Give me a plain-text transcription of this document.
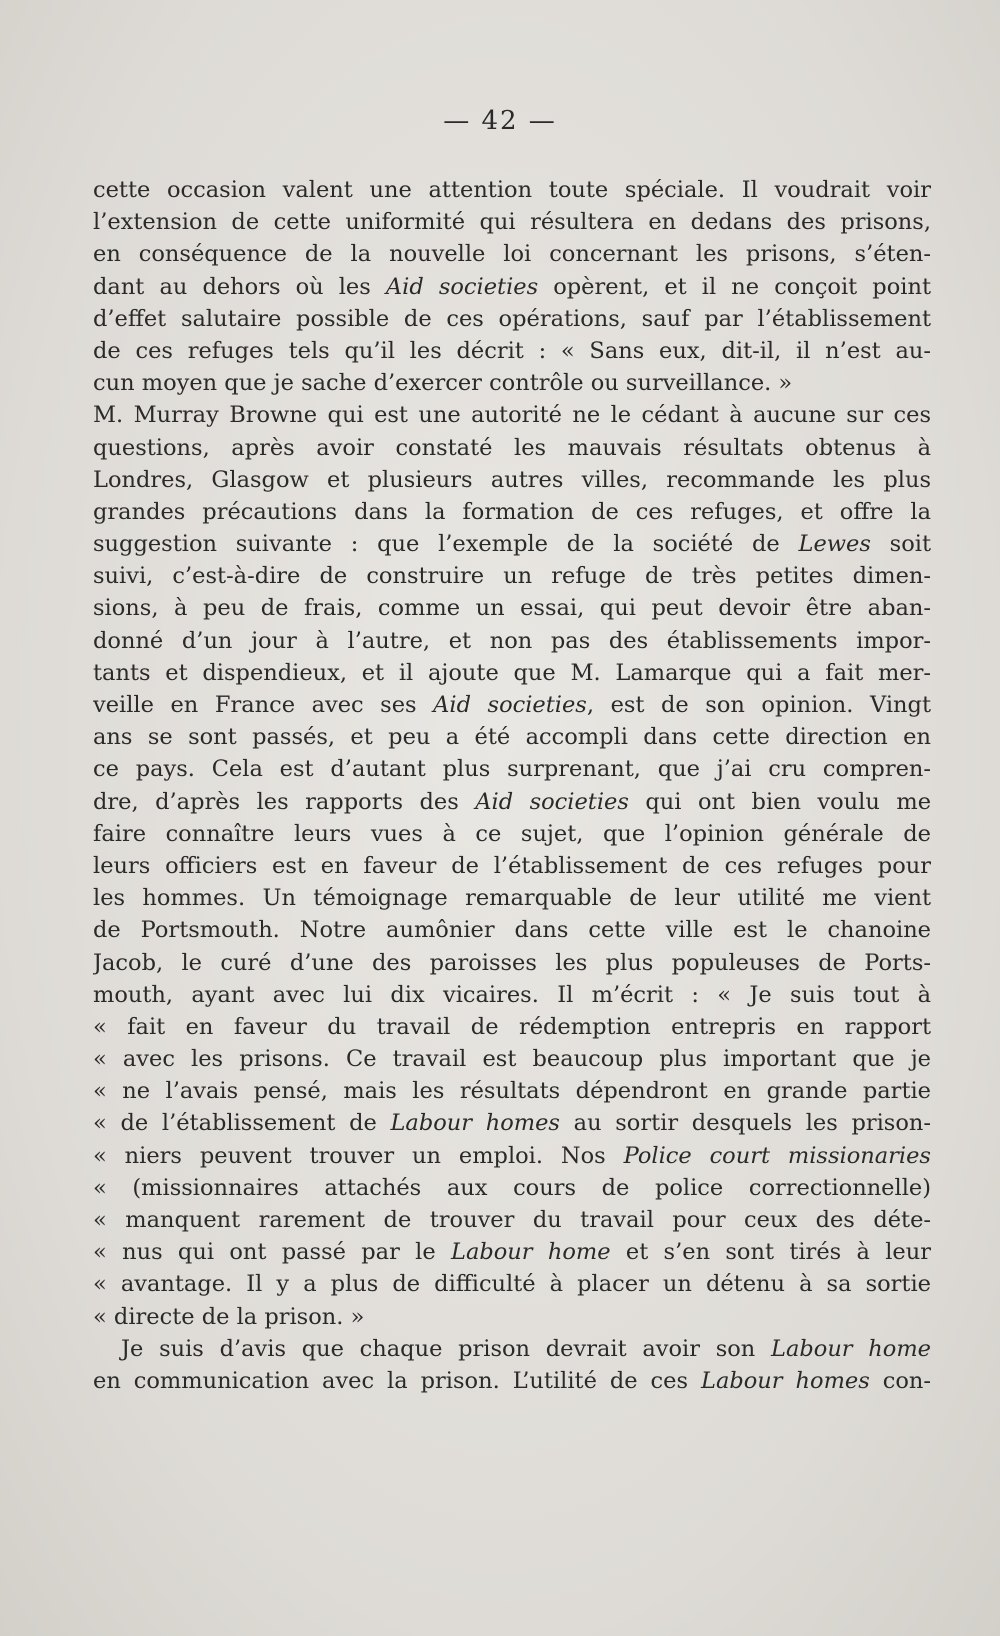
— 42 —
cette occasion valent une attention toute spéciale. Il voudrait voir
l’extension de cette uniformité qui résultera en dedans des prisons,
en conséquence de la nouvelle loi concernant les prisons, s’éten-
dant au dehors où les Aid societies opèrent, et il ne conçoit point
d’effet salutaire possible de ces opérations, sauf par l’établissement
de ces refuges tels qu’il les décrit : « Sans eux, dit-il, il n’est au-
cun moyen que je sache d’exercer contrôle ou surveillance. »
M. Murray Browne qui est une autorité ne le cédant à aucune sur ces
questions, après avoir constaté les mauvais résultats obtenus à
Londres, Glasgow et plusieurs autres villes, recommande les plus
grandes précautions dans la formation de ces refuges, et offre la
suggestion suivante : que l’exemple de la société de Lewes soit
suivi, c’est-à-dire de construire un refuge de très petites dimen-
sions, à peu de frais, comme un essai, qui peut devoir être aban-
donné d’un jour à l’autre, et non pas des établissements impor-
tants et dispendieux, et il ajoute que M. Lamarque qui a fait mer-
veille en France avec ses Aid societies, est de son opinion. Vingt
ans se sont passés, et peu a été accompli dans cette direction en
ce pays. Cela est d’autant plus surprenant, que j’ai cru compren-
dre, d’après les rapports des Aid societies qui ont bien voulu me
faire connaître leurs vues à ce sujet, que l’opinion générale de
leurs officiers est en faveur de l’établissement de ces refuges pour
les hommes. Un témoignage remarquable de leur utilité me vient
de Portsmouth. Notre aumônier dans cette ville est le chanoine
Jacob, le curé d’une des paroisses les plus populeuses de Ports-
mouth, ayant avec lui dix vicaires. Il m’écrit : « Je suis tout à
« fait en faveur du travail de rédemption entrepris en rapport
« avec les prisons. Ce travail est beaucoup plus important que je
« ne l’avais pensé, mais les résultats dépendront en grande partie
« de l’établissement de Labour homes au sortir desquels les prison-
« niers peuvent trouver un emploi. Nos Police court missionaries
« (missionnaires attachés aux cours de police correctionnelle)
« manquent rarement de trouver du travail pour ceux des déte-
« nus qui ont passé par le Labour home et s’en sont tirés à leur
« avantage. Il y a plus de difficulté à placer un détenu à sa sortie
« directe de la prison. »
Je suis d’avis que chaque prison devrait avoir son Labour home
en communication avec la prison. L’utilité de ces Labour homes con-
